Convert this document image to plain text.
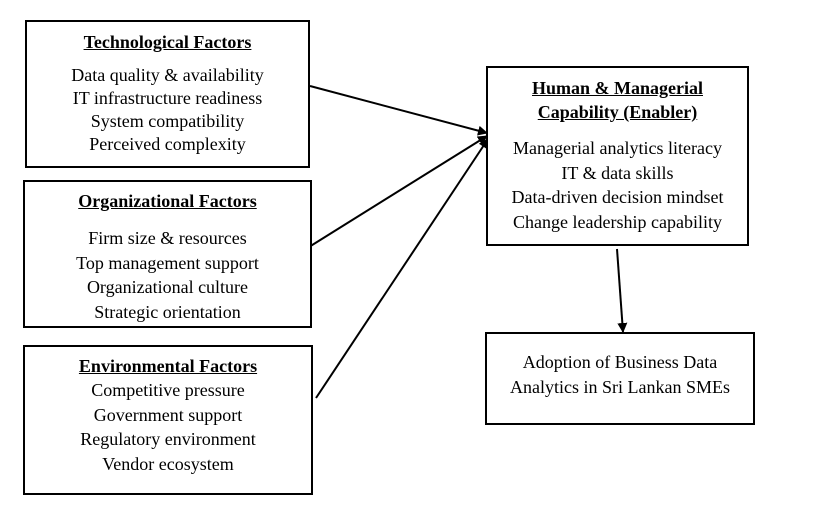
Technological Factors
Data quality & availability
IT infrastructure readiness
System compatibility
Perceived complexity
Organizational Factors
Firm size & resources
Top management support
Organizational culture
Strategic orientation
Environmental Factors
Competitive pressure
Government support
Regulatory environment
Vendor ecosystem
Human & Managerial
Capability (Enabler)
Managerial analytics literacy
IT & data skills
Data-driven decision mindset
Change leadership capability
Adoption of Business Data
Analytics in Sri Lankan SMEs
